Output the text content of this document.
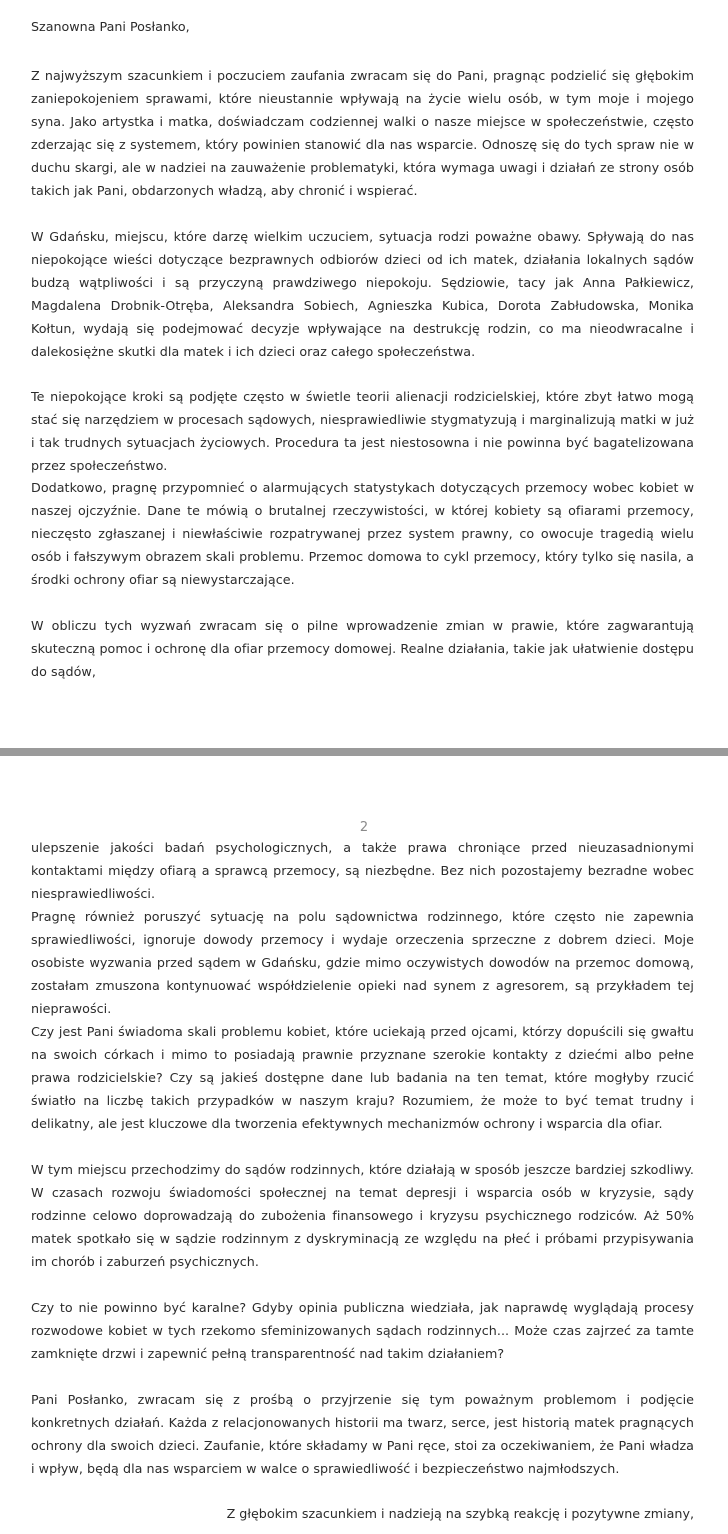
Szanowna Pani Posłanko,

Z najwyższym szacunkiem i poczuciem zaufania zwracam się do Pani, pragnąc podzielić się głębokim zaniepokojeniem sprawami, które nieustannie wpływają na życie wielu osób, w tym moje i mojego syna. Jako artystka i matka, doświadczam codziennej walki o nasze miejsce w społeczeństwie, często zderzając się z systemem, który powinien stanowić dla nas wsparcie. Odnoszę się do tych spraw nie w duchu skargi, ale w nadziei na zauważenie problematyki, która wymaga uwagi i działań ze strony osób takich jak Pani, obdarzonych władzą, aby chronić i wspierać.

W Gdańsku, miejscu, które darzę wielkim uczuciem, sytuacja rodzi poważne obawy. Spływają do nas niepokojące wieści dotyczące bezprawnych odbiorów dzieci od ich matek, działania lokalnych sądów budzą wątpliwości i są przyczyną prawdziwego niepokoju. Sędziowie, tacy jak Anna Pałkiewicz, Magdalena Drobnik-Otręba, Aleksandra Sobiech, Agnieszka Kubica, Dorota Zabłudowska, Monika Kołtun, wydają się podejmować decyzje wpływające na destrukcję rodzin, co ma nieodwracalne i dalekosiężne skutki dla matek i ich dzieci oraz całego społeczeństwa.

Te niepokojące kroki są podjęte często w świetle teorii alienacji rodzicielskiej, które zbyt łatwo mogą stać się narzędziem w procesach sądowych, niesprawiedliwie stygmatyzują i marginalizują matki w już i tak trudnych sytuacjach życiowych. Procedura ta jest niestosowna i nie powinna być bagatelizowana przez społeczeństwo.

Dodatkowo, pragnę przypomnieć o alarmujących statystykach dotyczących przemocy wobec kobiet w naszej ojczyźnie. Dane te mówią o brutalnej rzeczywistości, w której kobiety są ofiarami przemocy, nieczęsto zgłaszanej i niewłaściwie rozpatrywanej przez system prawny, co owocuje tragedią wielu osób i fałszywym obrazem skali problemu. Przemoc domowa to cykl przemocy, który tylko się nasila, a środki ochrony ofiar są niewystarczające.

W obliczu tych wyzwań zwracam się o pilne wprowadzenie zmian w prawie, które zagwarantują skuteczną pomoc i ochronę dla ofiar przemocy domowej. Realne działania, takie jak ułatwienie dostępu do sądów,

2

ulepszenie jakości badań psychologicznych, a także prawa chroniące przed nieuzasadnionymi kontaktami między ofiarą a sprawcą przemocy, są niezbędne. Bez nich pozostajemy bezradne wobec niesprawiedliwości.

Pragnę również poruszyć sytuację na polu sądownictwa rodzinnego, które często nie zapewnia sprawiedliwości, ignoruje dowody przemocy i wydaje orzeczenia sprzeczne z dobrem dzieci. Moje osobiste wyzwania przed sądem w Gdańsku, gdzie mimo oczywistych dowodów na przemoc domową, zostałam zmuszona kontynuować współdzielenie opieki nad synem z agresorem, są przykładem tej nieprawości.

Czy jest Pani świadoma skali problemu kobiet, które uciekają przed ojcami, którzy dopuścili się gwałtu na swoich córkach i mimo to posiadają prawnie przyznane szerokie kontakty z dziećmi albo pełne prawa rodzicielskie? Czy są jakieś dostępne dane lub badania na ten temat, które mogłyby rzucić światło na liczbę takich przypadków w naszym kraju? Rozumiem, że może to być temat trudny i delikatny, ale jest kluczowe dla tworzenia efektywnych mechanizmów ochrony i wsparcia dla ofiar.

W tym miejscu przechodzimy do sądów rodzinnych, które działają w sposób jeszcze bardziej szkodliwy. W czasach rozwoju świadomości społecznej na temat depresji i wsparcia osób w kryzysie, sądy rodzinne celowo doprowadzają do zubożenia finansowego i kryzysu psychicznego rodziców. Aż 50% matek spotkało się w sądzie rodzinnym z dyskryminacją ze względu na płeć i próbami przypisywania im chorób i zaburzeń psychicznych.

Czy to nie powinno być karalne? Gdyby opinia publiczna wiedziała, jak naprawdę wyglądają procesy rozwodowe kobiet w tych rzekomo sfeminizowanych sądach rodzinnych... Może czas zajrzeć za tamte zamknięte drzwi i zapewnić pełną transparentność nad takim działaniem?

Pani Posłanko, zwracam się z prośbą o przyjrzenie się tym poważnym problemom i podjęcie konkretnych działań. Każda z relacjonowanych historii ma twarz, serce, jest historią matek pragnących ochrony dla swoich dzieci. Zaufanie, które składamy w Pani ręce, stoi za oczekiwaniem, że Pani władza i wpływ, będą dla nas wsparciem w walce o sprawiedliwość i bezpieczeństwo najmłodszych.

Z głębokim szacunkiem i nadzieją na szybką reakcję i pozytywne zmiany,
